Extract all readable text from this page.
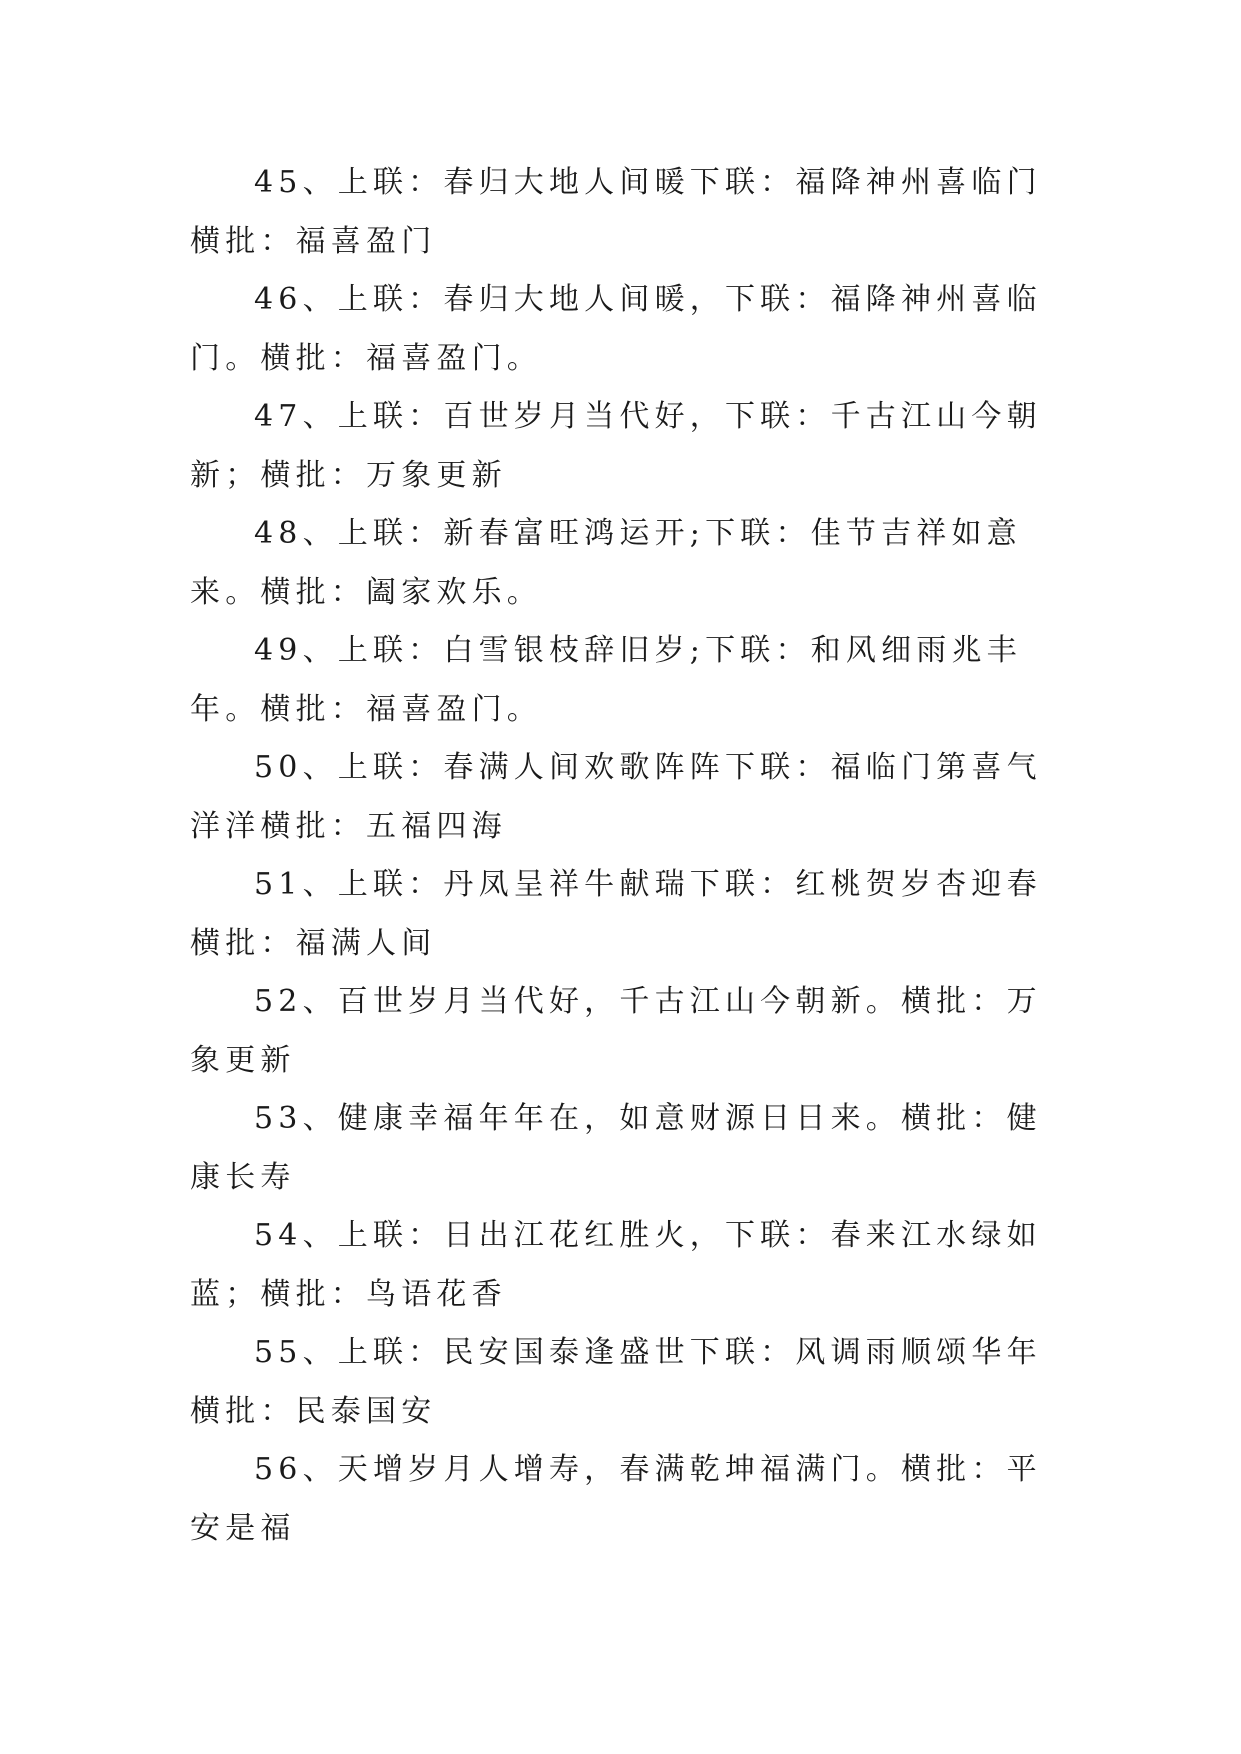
45、上联：春归大地人间暖下联：福降神州喜临门横批：福喜盈门

46、上联：春归大地人间暖，下联：福降神州喜临门。横批：福喜盈门。

47、上联：百世岁月当代好，下联：千古江山今朝新；横批：万象更新

48、上联：新春富旺鸿运开;下联：佳节吉祥如意来。横批：阖家欢乐。

49、上联：白雪银枝辞旧岁;下联：和风细雨兆丰年。横批：福喜盈门。

50、上联：春满人间欢歌阵阵下联：福临门第喜气洋洋横批：五福四海

51、上联：丹凤呈祥牛献瑞下联：红桃贺岁杏迎春横批：福满人间

52、百世岁月当代好，千古江山今朝新。横批：万象更新

53、健康幸福年年在，如意财源日日来。横批：健康长寿

54、上联：日出江花红胜火，下联：春来江水绿如蓝；横批：鸟语花香

55、上联：民安国泰逢盛世下联：风调雨顺颂华年横批：民泰国安

56、天增岁月人增寿，春满乾坤福满门。横批：平安是福
